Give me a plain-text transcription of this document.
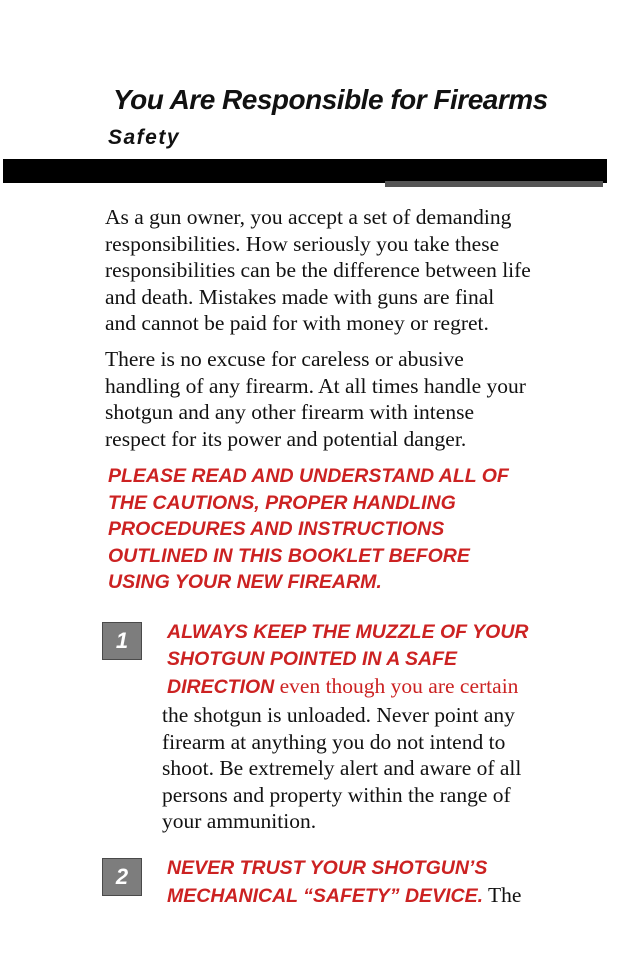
You Are Responsible for Firearms
Safety

As a gun owner, you accept a set of demanding
responsibilities. How seriously you take these
responsibilities can be the difference between life
and death. Mistakes made with guns are final
and cannot be paid for with money or regret.

There is no excuse for careless or abusive
handling of any firearm. At all times handle your
shotgun and any other firearm with intense
respect for its power and potential danger.

PLEASE READ AND UNDERSTAND ALL OF
THE CAUTIONS, PROPER HANDLING
PROCEDURES AND INSTRUCTIONS
OUTLINED IN THIS BOOKLET BEFORE
USING YOUR NEW FIREARM.

1	ALWAYS KEEP THE MUZZLE OF YOUR
SHOTGUN POINTED IN A SAFE
DIRECTION even though you are certain
the shotgun is unloaded. Never point any
firearm at anything you do not intend to
shoot. Be extremely alert and aware of all
persons and property within the range of
your ammunition.
2	NEVER TRUST YOUR SHOTGUN’S
MECHANICAL “SAFETY” DEVICE. The
